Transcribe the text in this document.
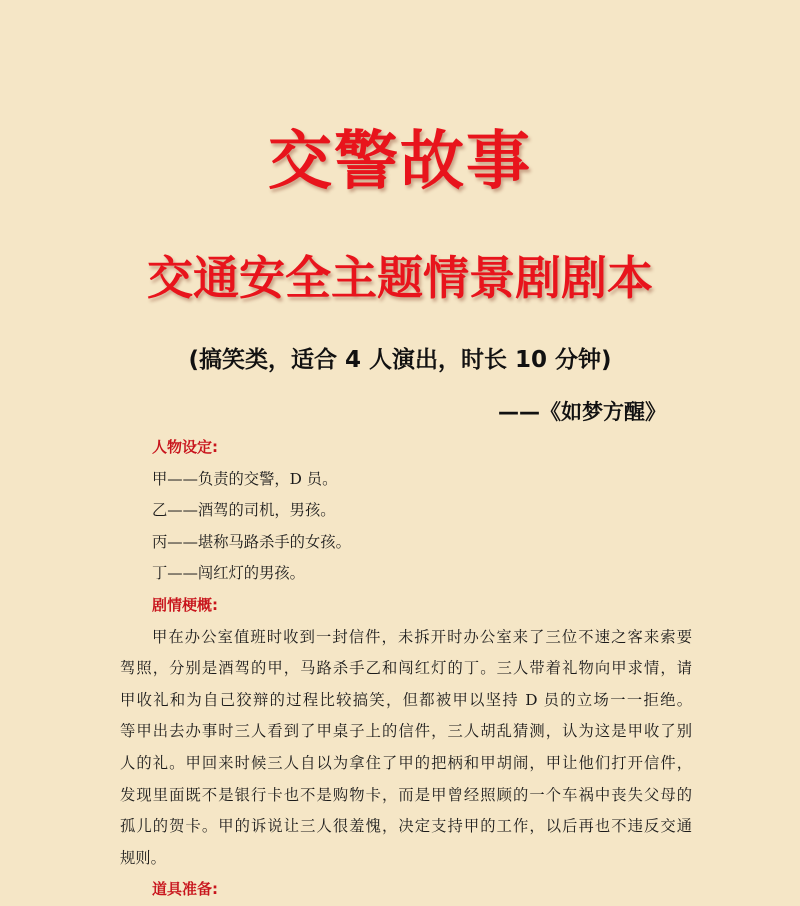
交警故事
交通安全主题情景剧剧本
(搞笑类，适合 4 人演出，时长 10 分钟)
——《如梦方醒》
人物设定:
甲——负责的交警，D 员。
乙——酒驾的司机，男孩。
丙——堪称马路杀手的女孩。
丁——闯红灯的男孩。
剧情梗概:
甲在办公室值班时收到一封信件，未拆开时办公室来了三位不速之客来索要
驾照，分别是酒驾的甲，马路杀手乙和闯红灯的丁。三人带着礼物向甲求情，请
甲收礼和为自己狡辩的过程比较搞笑，但都被甲以坚持 D 员的立场一一拒绝。
等甲出去办事时三人看到了甲桌子上的信件，三人胡乱猜测，认为这是甲收了别
人的礼。甲回来时候三人自以为拿住了甲的把柄和甲胡闹，甲让他们打开信件，
发现里面既不是银行卡也不是购物卡，而是甲曾经照顾的一个车祸中丧失父母的
孤儿的贺卡。甲的诉说让三人很羞愧，决定支持甲的工作，以后再也不违反交通
规则。
道具准备:
